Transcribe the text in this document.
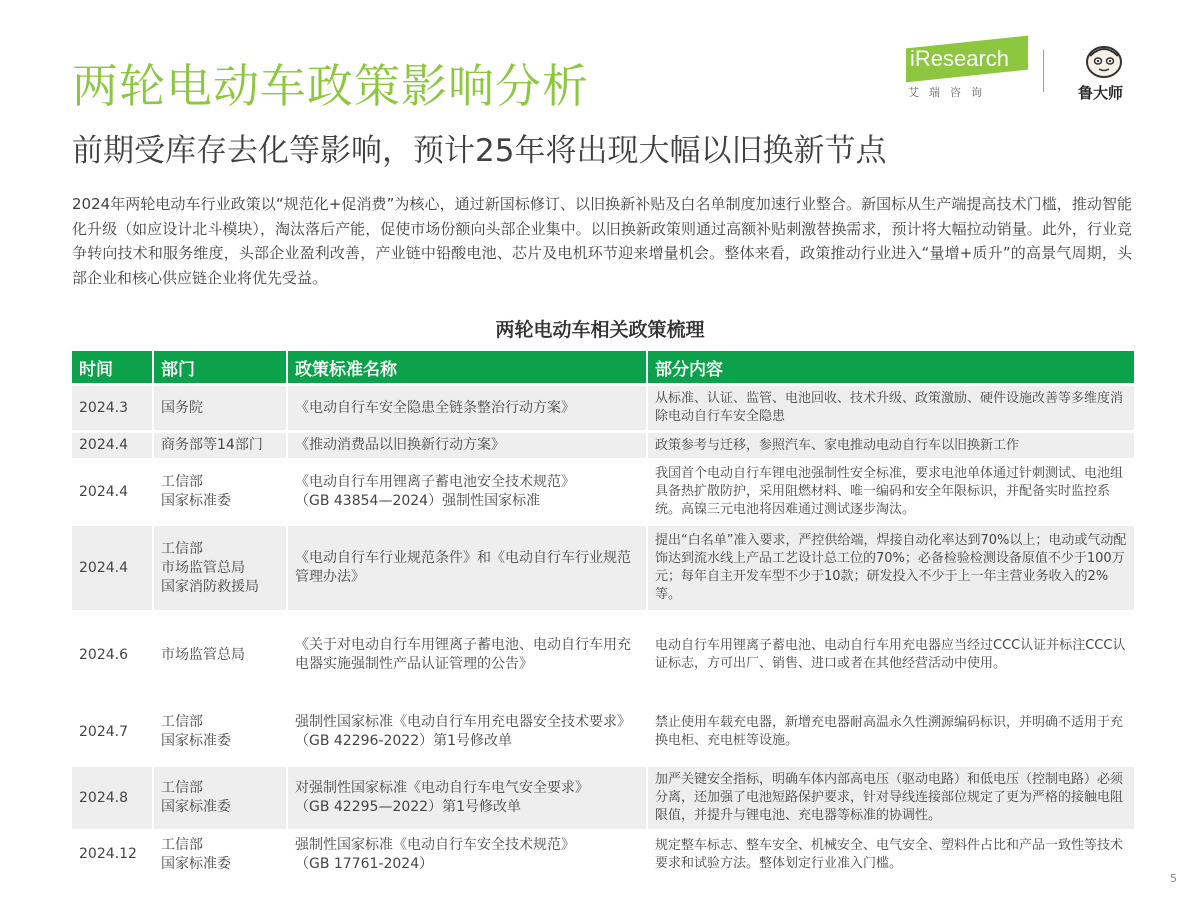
两轮电动车政策影响分析
前期受库存去化等影响，预计25年将出现大幅以旧换新节点
iResearch
艾瑞咨询	鲁大师

2024年两轮电动车行业政策以“规范化+促消费”为核心，通过新国标修订、以旧换新补贴及白名单制度加速行业整合。新国标从生产端提高技术门槛，推动智能化升级（如应设计北斗模块），淘汰落后产能，促使市场份额向头部企业集中。以旧换新政策则通过高额补贴刺激替换需求，预计将大幅拉动销量。此外，行业竞争转向技术和服务维度，头部企业盈利改善，产业链中铅酸电池、芯片及电机环节迎来增量机会。整体来看，政策推动行业进入“量增+质升”的高景气周期，头部企业和核心供应链企业将优先受益。

两轮电动车相关政策梳理
时间	部门	政策标准名称	部分内容

2024.3	国务院	《电动自行车安全隐患全链条整治行动方案》	从标准、认证、监管、电池回收、技术升级、政策激励、硬件设施改善等多维度消除电动自行车安全隐患

2024.4	商务部等14部门	《推动消费品以旧换新行动方案》	政策参考与迁移，参照汽车、家电推动电动自行车以旧换新工作

2024.4	工信部
国家标准委	《电动自行车用锂离子蓄电池安全技术规范》
（GB 43854—2024）强制性国家标准	我国首个电动自行车锂电池强制性安全标准，要求电池单体通过针刺测试、电池组具备热扩散防护，采用阻燃材料、唯一编码和安全年限标识，并配备实时监控系统。高镍三元电池将因难通过测试逐步淘汰。

2024.4	工信部
市场监管总局
国家消防救援局	《电动自行车行业规范条件》和《电动自行车行业规范管理办法》	提出“白名单”准入要求，严控供给端，焊接自动化率达到70%以上；电动或气动配饰达到流水线上产品工艺设计总工位的70%；必备检验检测设备原值不少于100万元；每年自主开发车型不少于10款；研发投入不少于上一年主营业务收入的2%等。

2024.6	市场监管总局	《关于对电动自行车用锂离子蓄电池、电动自行车用充电器实施强制性产品认证管理的公告》	电动自行车用锂离子蓄电池、电动自行车用充电器应当经过CCC认证并标注CCC认证标志，方可出厂、销售、进口或者在其他经营活动中使用。

2024.7	工信部
国家标准委	强制性国家标准《电动自行车用充电器安全技术要求》（GB 42296-2022）第1号修改单	禁止使用车载充电器，新增充电器耐高温永久性溯源编码标识，并明确不适用于充换电柜、充电桩等设施。

2024.8	工信部
国家标准委	对强制性国家标准《电动自行车电气安全要求》
（GB 42295—2022）第1号修改单	加严关键安全指标，明确车体内部高电压（驱动电路）和低电压（控制电路）必须分离，还加强了电池短路保护要求，针对导线连接部位规定了更为严格的接触电阻限值，并提升与锂电池、充电器等标准的协调性。

2024.12	工信部
国家标准委	强制性国家标准《电动自行车安全技术规范》
（GB 17761-2024）	规定整车标志、整车安全、机械安全、电气安全、塑料件占比和产品一致性等技术要求和试验方法。整体划定行业准入门槛。
5
